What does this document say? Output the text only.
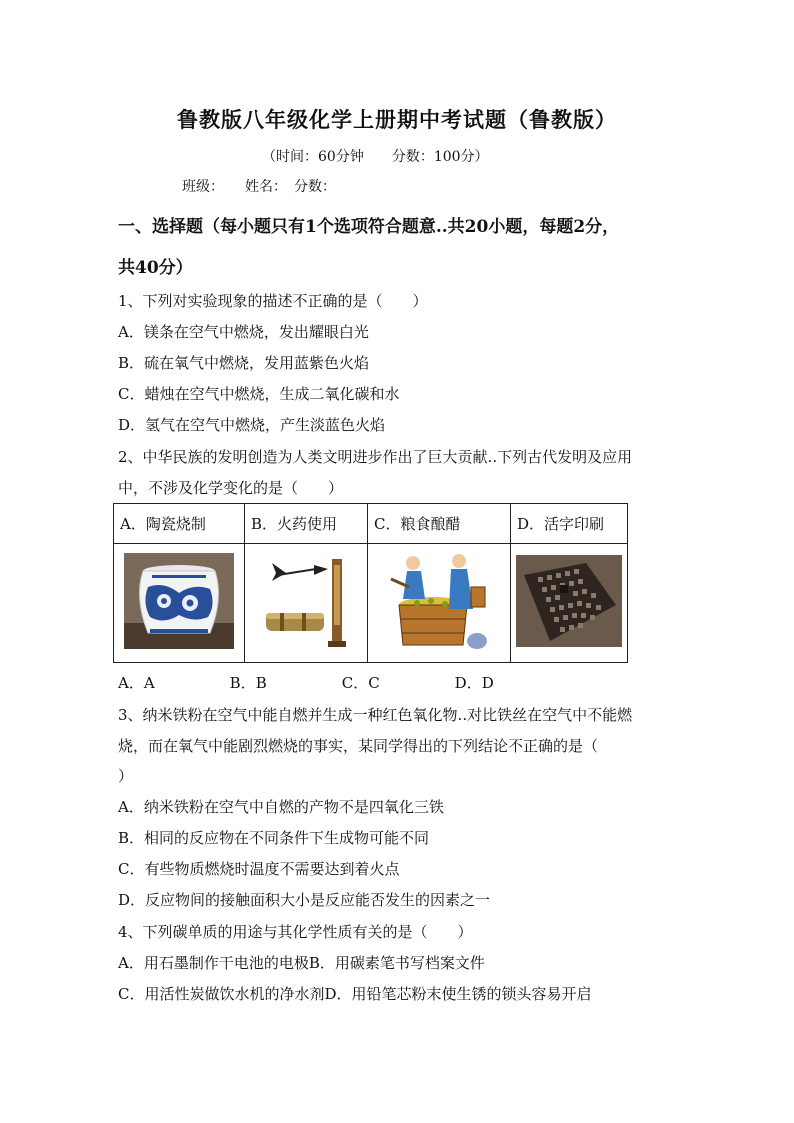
鲁教版八年级化学上册期中考试题（鲁教版）
（时间：60分钟　　分数：100分）
班级：　　姓名：　分数：
一、选择题（每小题只有1个选项符合题意..共20小题，每题2分，
共40分）
1、下列对实验现象的描述不正确的是（　　）
A．镁条在空气中燃烧，发出耀眼白光
B．硫在氧气中燃烧，发用蓝紫色火焰
C．蜡烛在空气中燃烧，生成二氧化碳和水
D．氢气在空气中燃烧，产生淡蓝色火焰
2、中华民族的发明创造为人类文明进步作出了巨大贡献..下列古代发明及应用
中，不涉及化学变化的是（　　）
A．陶瓷烧制	B．火药使用	C．粮食酿醋	D．活字印刷

A．A　　　　　B．B　　　　　C．C　　　　　D．D
3、纳米铁粉在空气中能自燃并生成一种红色氧化物..对比铁丝在空气中不能燃
烧，而在氧气中能剧烈燃烧的事实，某同学得出的下列结论不正确的是（
）
A．纳米铁粉在空气中自燃的产物不是四氧化三铁
B．相同的反应物在不同条件下生成物可能不同
C．有些物质燃烧时温度不需要达到着火点
D．反应物间的接触面积大小是反应能否发生的因素之一
4、下列碳单质的用途与其化学性质有关的是（　　）
A．用石墨制作干电池的电极B．用碳素笔书写档案文件
C．用活性炭做饮水机的净水剂D．用铅笔芯粉末使生锈的锁头容易开启
